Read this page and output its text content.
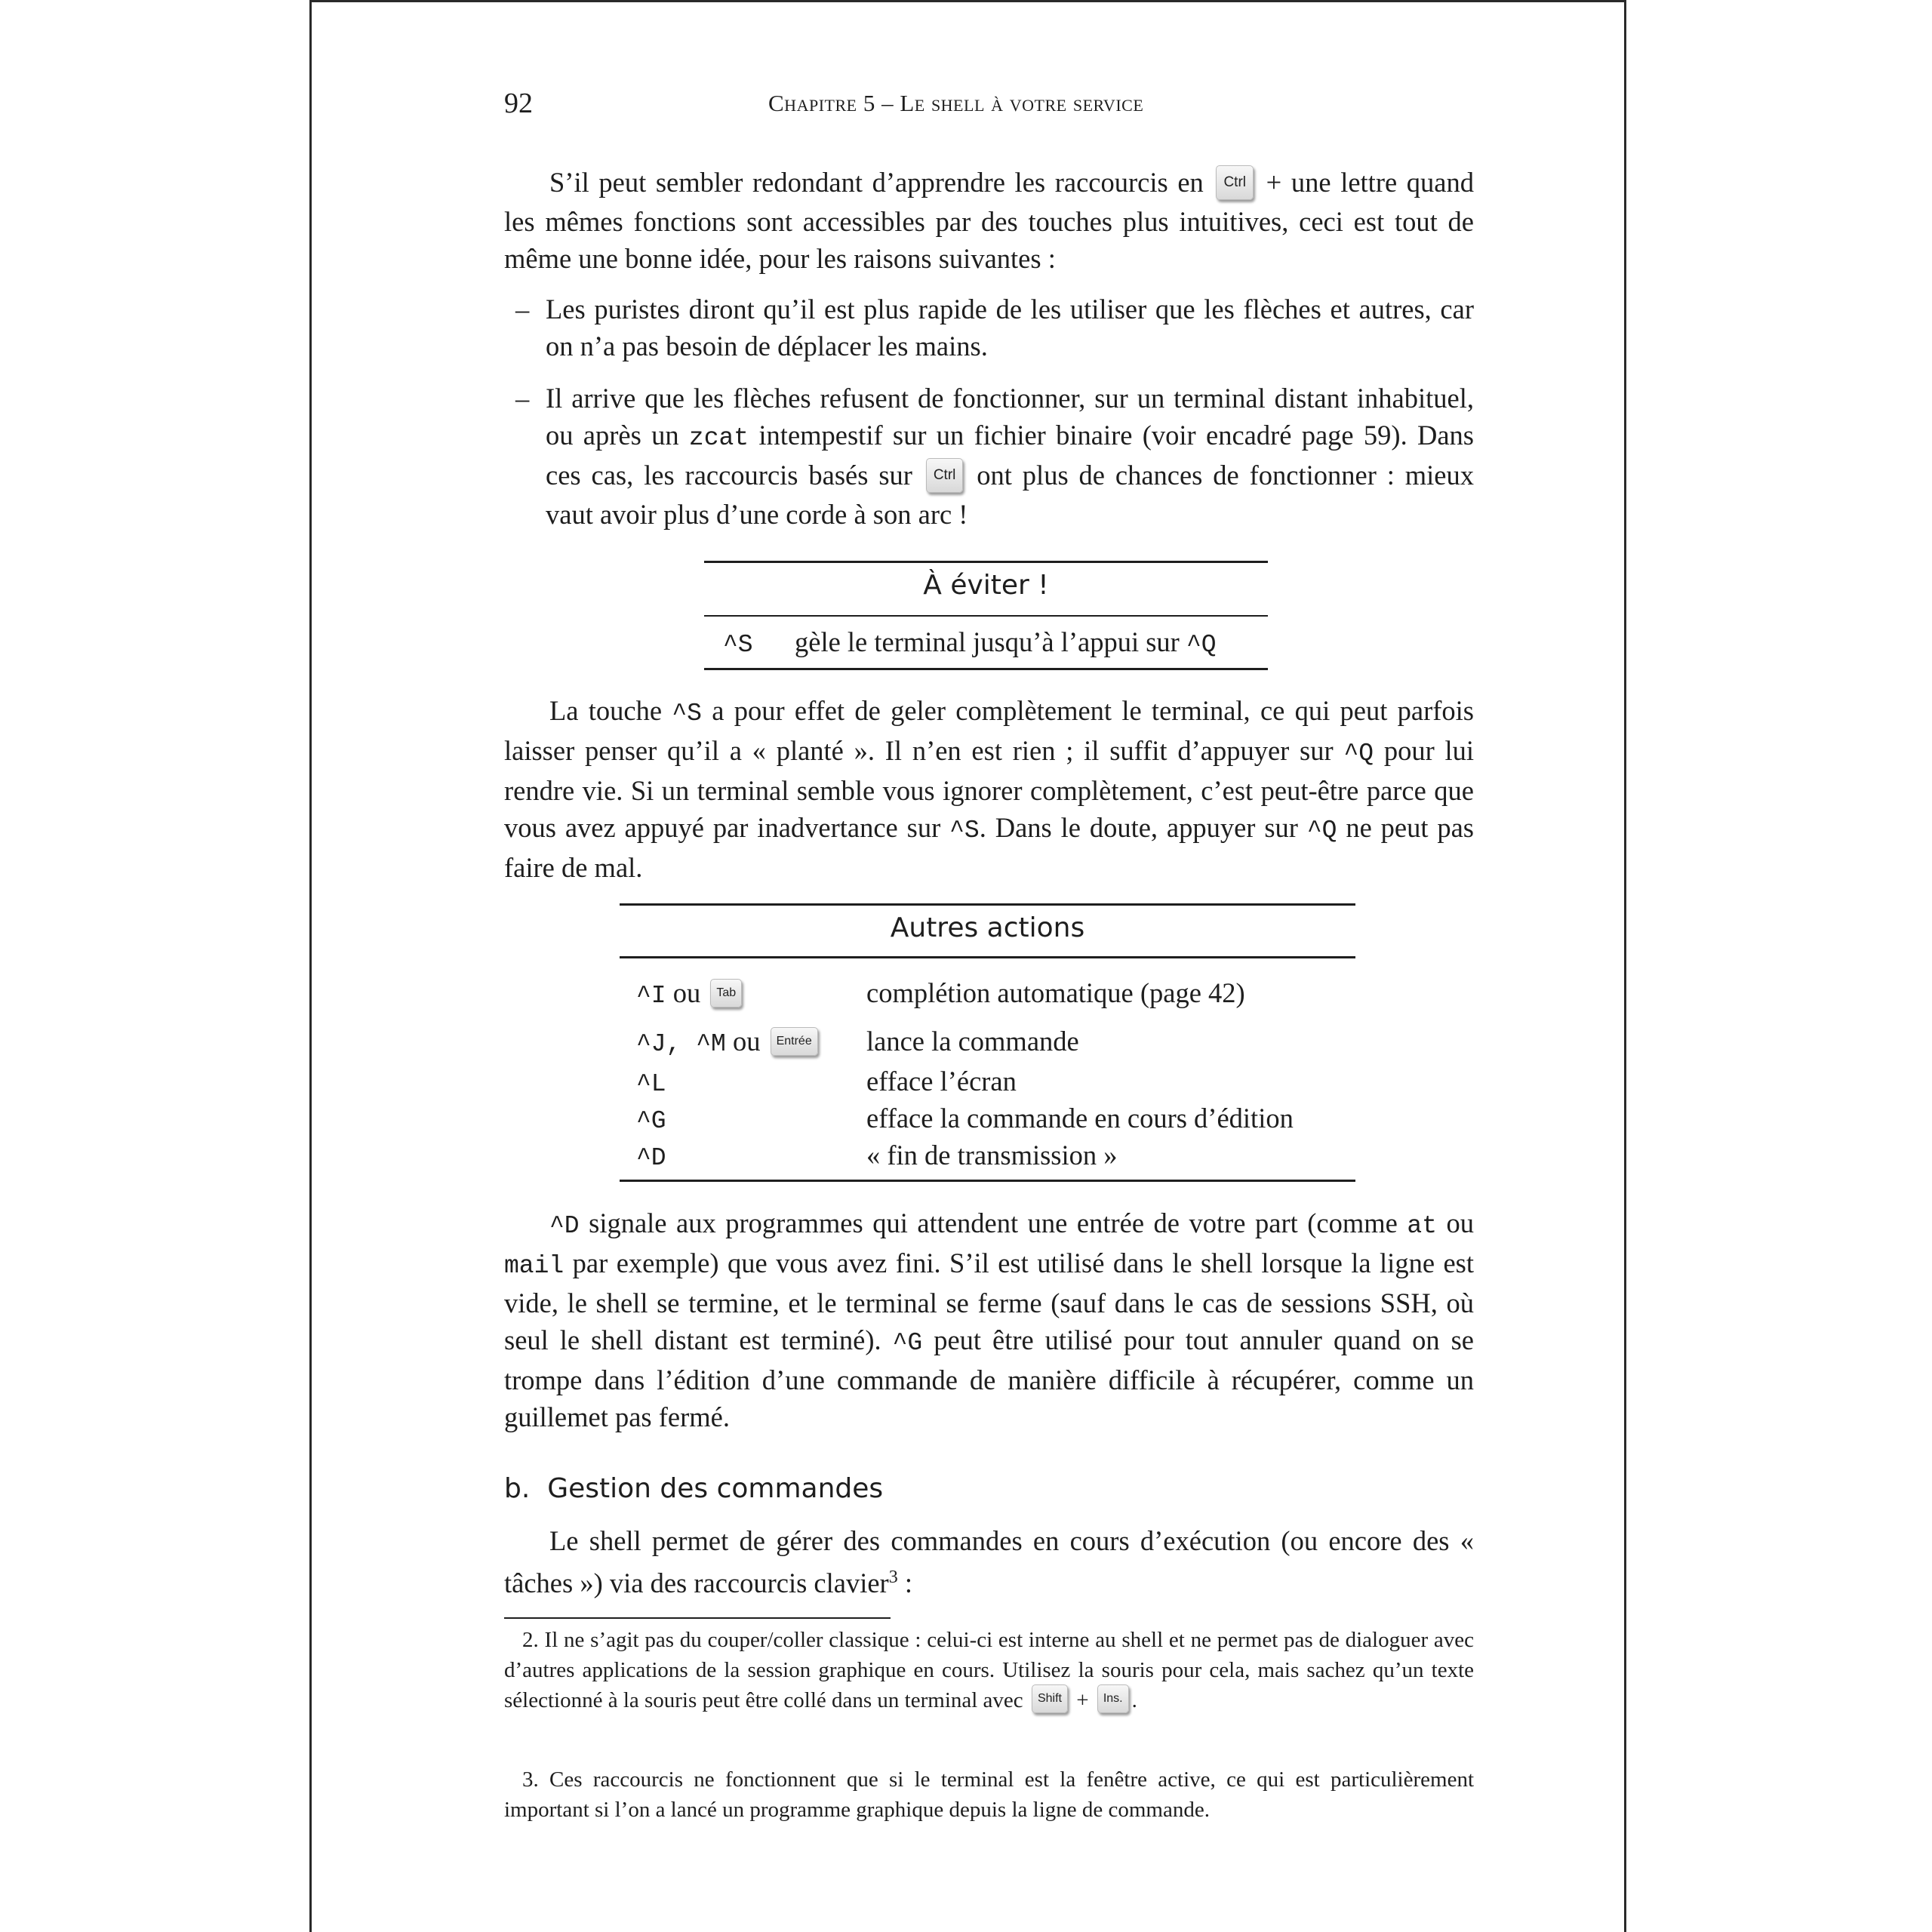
92	Chapitre 5 – Le shell à votre service
S’il peut sembler redondant d’apprendre les raccourcis en Ctrl + une lettre quand les mêmes fonctions sont accessibles par des touches plus intuitives, ceci est tout de même une bonne idée, pour les raisons suivantes :
– Les puristes diront qu’il est plus rapide de les utiliser que les flèches et autres, car on n’a pas besoin de déplacer les mains.
– Il arrive que les flèches refusent de fonctionner, sur un terminal distant inhabituel, ou après un zcat intempestif sur un fichier binaire (voir encadré page 59). Dans ces cas, les raccourcis basés sur Ctrl ont plus de chances de fonctionner : mieux vaut avoir plus d’une corde à son arc !
À éviter !
^S gèle le terminal jusqu’à l’appui sur ^Q
La touche ^S a pour effet de geler complètement le terminal, ce qui peut parfois laisser penser qu’il a « planté ». Il n’en est rien ; il suffit d’appuyer sur ^Q pour lui rendre vie. Si un terminal semble vous ignorer complètement, c’est peut-être parce que vous avez appuyé par inadvertance sur ^S. Dans le doute, appuyer sur ^Q ne peut pas faire de mal.
Autres actions
^I ou Tab	complétion automatique (page 42)
^J, ^M ou Entrée	lance la commande
^L	efface l’écran
^G	efface la commande en cours d’édition
^D	« fin de transmission »
^D signale aux programmes qui attendent une entrée de votre part (comme at ou mail par exemple) que vous avez fini. S’il est utilisé dans le shell lorsque la ligne est vide, le shell se termine, et le terminal se ferme (sauf dans le cas de sessions SSH, où seul le shell distant est terminé). ^G peut être utilisé pour tout annuler quand on se trompe dans l’édition d’une commande de manière difficile à récupérer, comme un guillemet pas fermé.
b. Gestion des commandes
Le shell permet de gérer des commandes en cours d’exécution (ou encore des « tâches ») via des raccourcis clavier$^3$ :
2. Il ne s’agit pas du couper/coller classique : celui-ci est interne au shell et ne permet pas de dialoguer avec d’autres applications de la session graphique en cours. Utilisez la souris pour cela, mais sachez qu’un texte sélectionné à la souris peut être collé dans un terminal avec Shift + Ins. .
3. Ces raccourcis ne fonctionnent que si le terminal est la fenêtre active, ce qui est particulièrement important si l’on a lancé un programme graphique depuis la ligne de commande.
